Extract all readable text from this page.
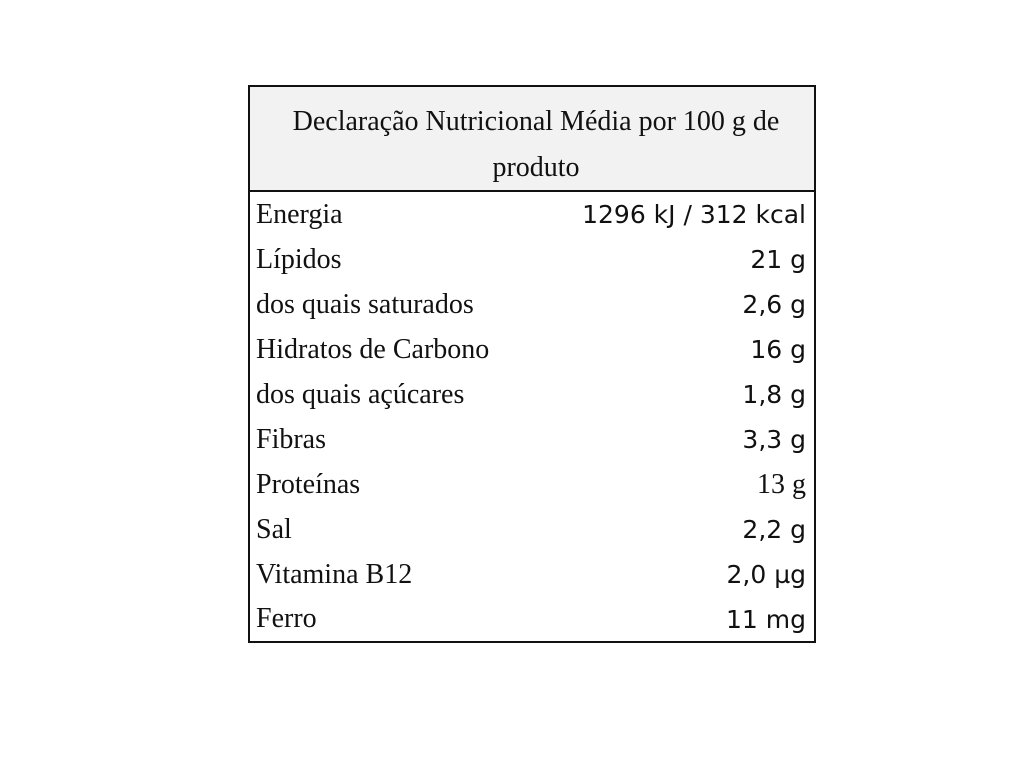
Declaração Nutricional Média por 100 g de produto
Energia	1296 kJ / 312 kcal
Lípidos	21 g
dos quais saturados	2,6 g
Hidratos de Carbono	16 g
dos quais açúcares	1,8 g
Fibras	3,3 g
Proteínas	13 g
Sal	2,2 g
Vitamina B12	2,0 µg
Ferro	11 mg
